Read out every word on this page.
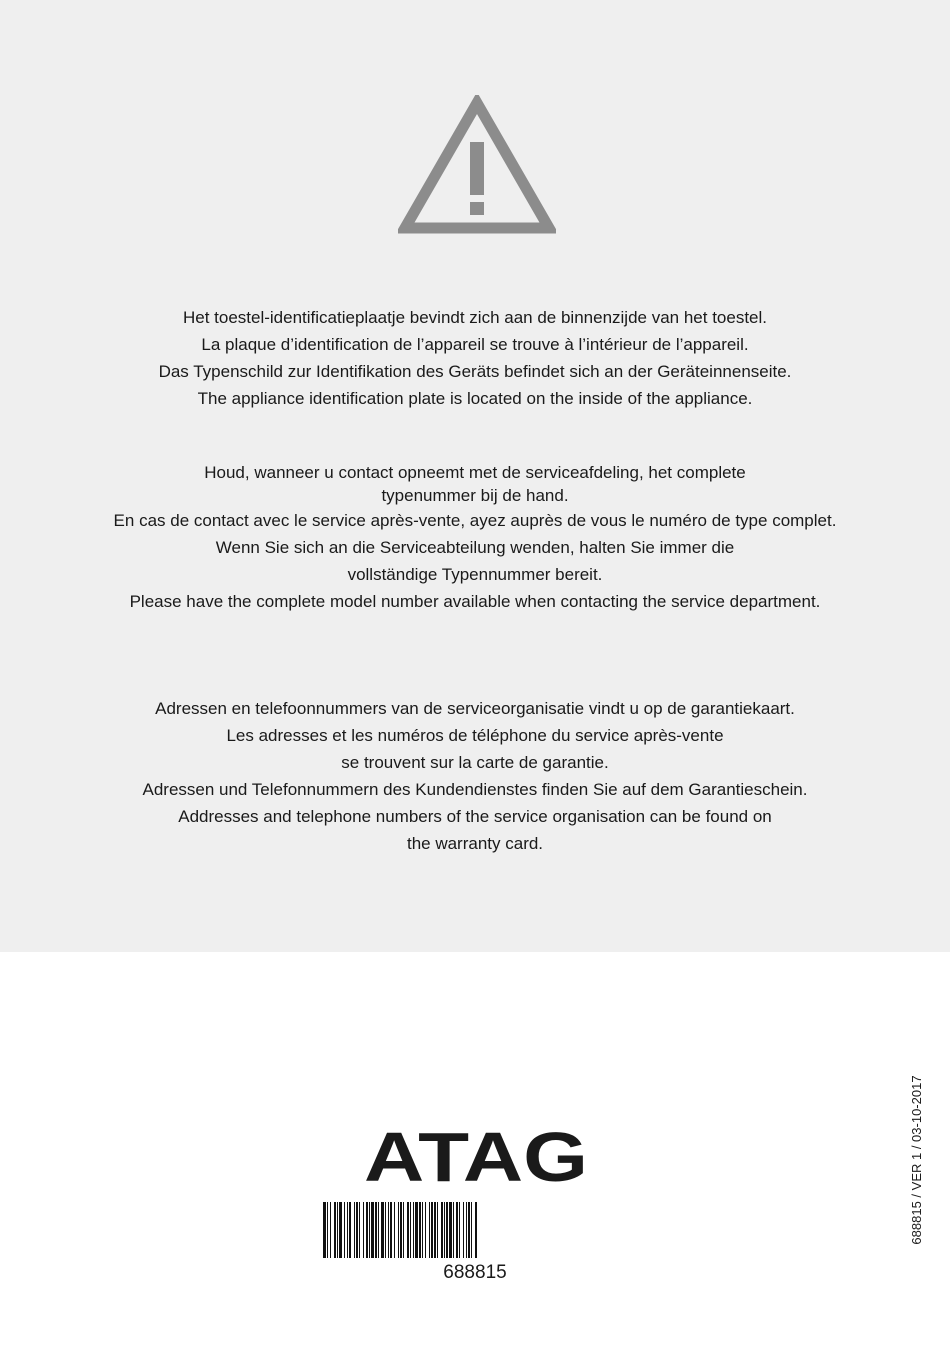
Het toestel-identificatieplaatje bevindt zich aan de binnenzijde van het toestel.
La plaque d’identification de l’appareil se trouve à l’intérieur de l’appareil.
Das Typenschild zur Identifikation des Geräts befindet sich an der Geräteinnenseite.
The appliance identification plate is located on the inside of the appliance.
Houd, wanneer u contact opneemt met de serviceafdeling, het complete
typenummer bij de hand.
En cas de contact avec le service après-vente, ayez auprès de vous le numéro de type complet.
Wenn Sie sich an die Serviceabteilung wenden, halten Sie immer die
vollständige Typennummer bereit.
Please have the complete model number available when contacting the service department.
Adressen en telefoonnummers van de serviceorganisatie vindt u op de garantiekaart.
Les adresses et les numéros de téléphone du service après-vente
se trouvent sur la carte de garantie.
Adressen und Telefonnummern des Kundendienstes finden Sie auf dem Garantieschein.
Addresses and telephone numbers of the service organisation can be found on
the warranty card.
ATAG
688815
688815 / VER 1 / 03-10-2017
